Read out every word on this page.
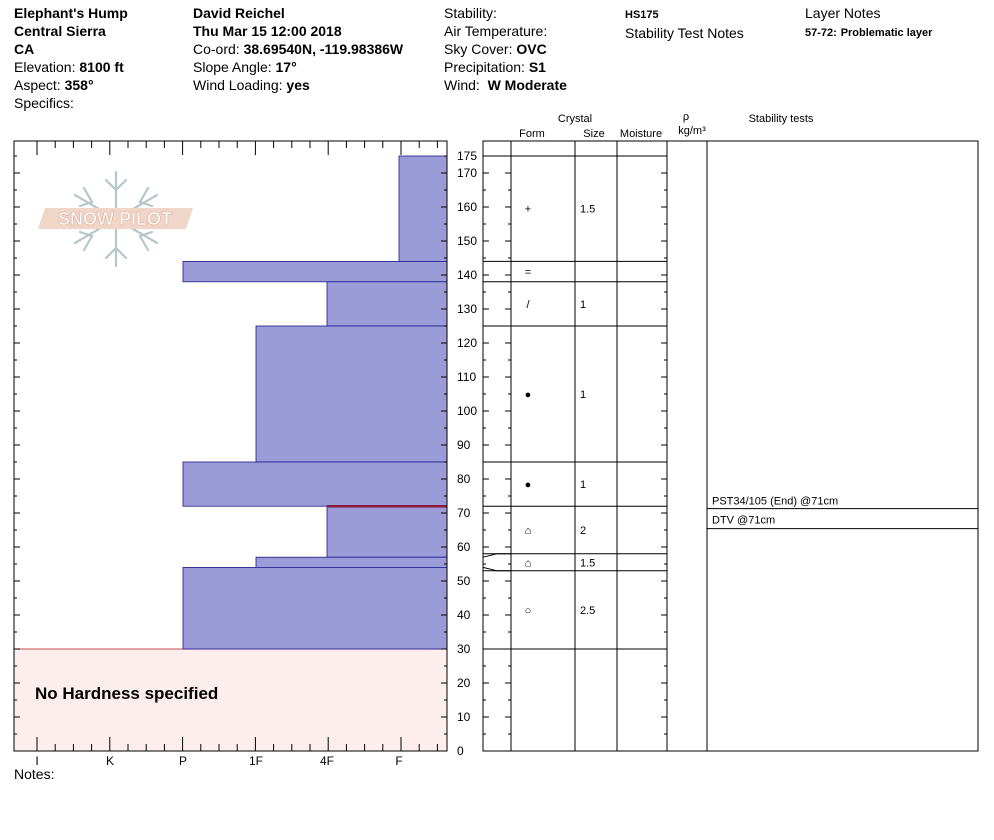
Elephant's Hump
Central Sierra
CA
Elevation: 8100 ft
Aspect: 358°
Specifics:
David Reichel
Thu Mar 15 12:00 2018
Co-ord: 38.69540N, -119.98386W
Slope Angle: 17°
Wind Loading: yes
Stability:
Air Temperature:
Sky Cover: OVC
Precipitation: S1
Wind: W Moderate
HS175
Stability Test Notes
Layer Notes
57-72: Problematic layer
SNOW PILOT
0
10
20
30
40
50
60
70
80
90
100
110
120
130
140
150
160
170
175
I	K	P	1F	4F	F
Crystal
Form	Size Moisture
ρ
kg/m³
Stability tests
+	1.5
=
/	1
●	1
●	1
⌂	2
⌂	1.5
○	2.5
PST34/105 (End) @71cm
DTV @71cm
No Hardness specified
Notes:
